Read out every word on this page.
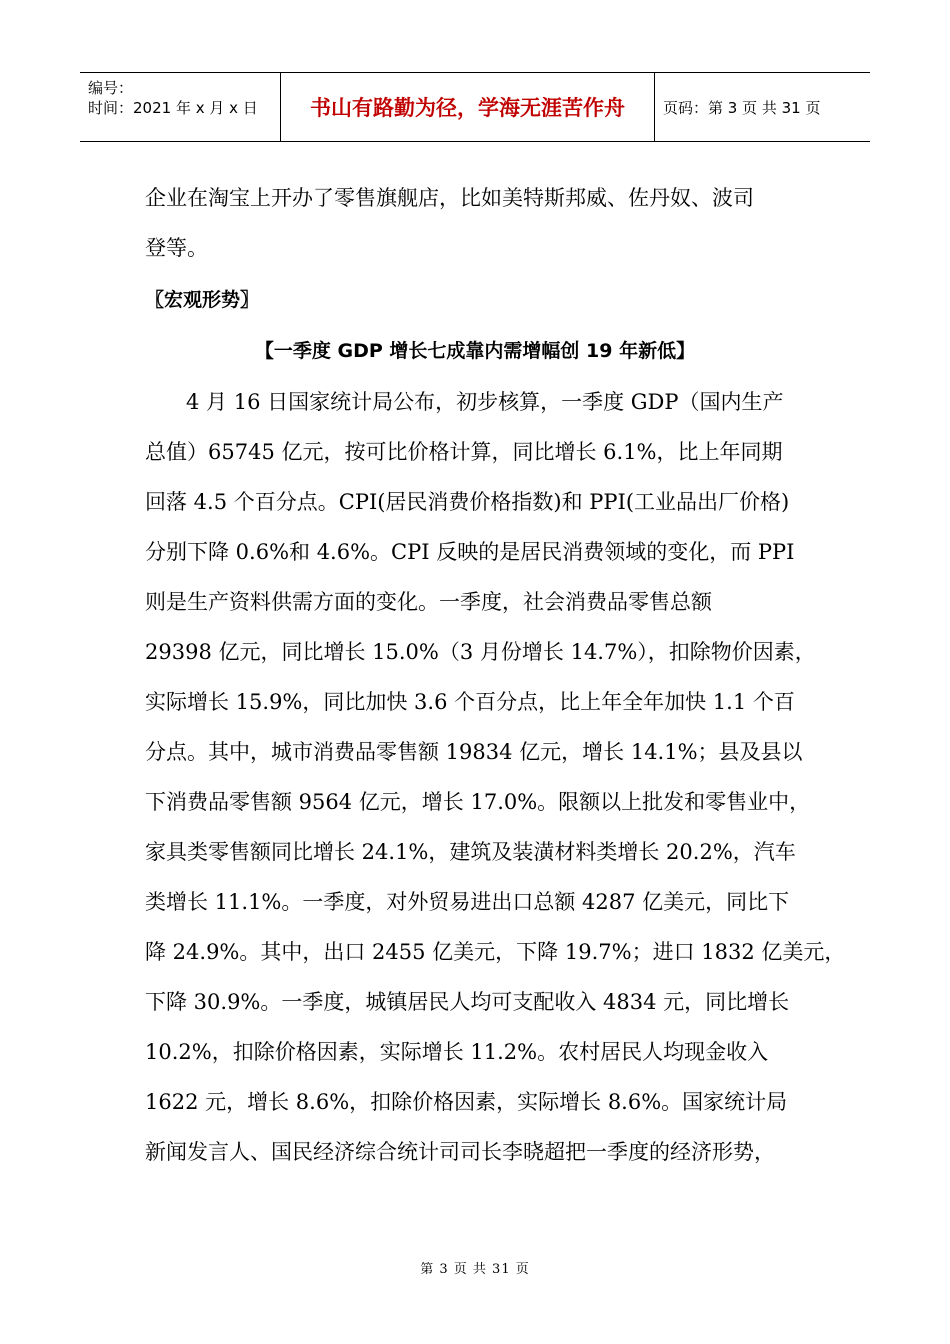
编号：
时间：2021 年 x 月 x 日	书山有路勤为径，学海无涯苦作舟	页码：第 3 页 共 31 页
企业在淘宝上开办了零售旗舰店，比如美特斯邦威、佐丹奴、波司
登等。
〖宏观形势〗
【一季度 GDP 增长七成靠内需增幅创 19 年新低】
4 月 16 日国家统计局公布，初步核算，一季度 GDP（国内生产
总值）65745 亿元，按可比价格计算，同比增长 6.1%，比上年同期
回落 4.5 个百分点。CPI(居民消费价格指数)和 PPI(工业品出厂价格)
分别下降 0.6%和 4.6%。CPI 反映的是居民消费领域的变化，而 PPI
则是生产资料供需方面的变化。一季度，社会消费品零售总额
29398 亿元，同比增长 15.0%（3 月份增长 14.7%），扣除物价因素，
实际增长 15.9%，同比加快 3.6 个百分点，比上年全年加快 1.1 个百
分点。其中，城市消费品零售额 19834 亿元，增长 14.1%；县及县以
下消费品零售额 9564 亿元，增长 17.0%。限额以上批发和零售业中，
家具类零售额同比增长 24.1%，建筑及装潢材料类增长 20.2%，汽车
类增长 11.1%。一季度，对外贸易进出口总额 4287 亿美元，同比下
降 24.9%。其中，出口 2455 亿美元，下降 19.7%；进口 1832 亿美元，
下降 30.9%。一季度，城镇居民人均可支配收入 4834 元，同比增长
10.2%，扣除价格因素，实际增长 11.2%。农村居民人均现金收入
1622 元，增长 8.6%，扣除价格因素，实际增长 8.6%。国家统计局
新闻发言人、国民经济综合统计司司长李晓超把一季度的经济形势，
第 3 页 共 31 页
